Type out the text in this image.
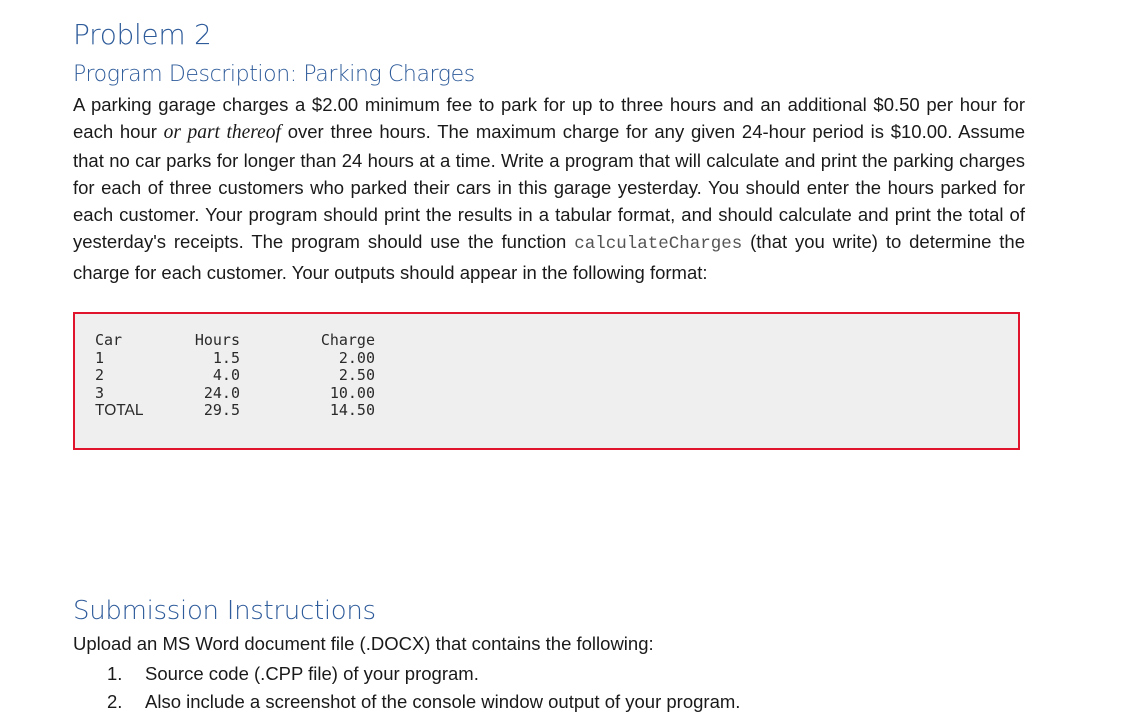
Problem 2
Program Description: Parking Charges

A parking garage charges a $2.00 minimum fee to park for up to three hours and an additional $0.50 per hour for each hour or part thereof over three hours. The maximum charge for any given 24-hour period is $10.00. Assume that no car parks for longer than 24 hours at a time. Write a program that will calculate and print the parking charges for each of three customers who parked their cars in this garage yesterday. You should enter the hours parked for each customer. Your program should print the results in a tabular format, and should calculate and print the total of yesterday's receipts. The program should use the function calculateCharges (that you write) to determine the charge for each customer. Your outputs should appear in the following format:

Car	Hours	Charge
1	1.5	2.00
2	4.0	2.50
3	24.0	10.00
TOTAL	29.5	14.50
Submission Instructions
Upload an MS Word document file (.DOCX) that contains the following:
1. Source code (.CPP file) of your program.
2. Also include a screenshot of the console window output of your program.
